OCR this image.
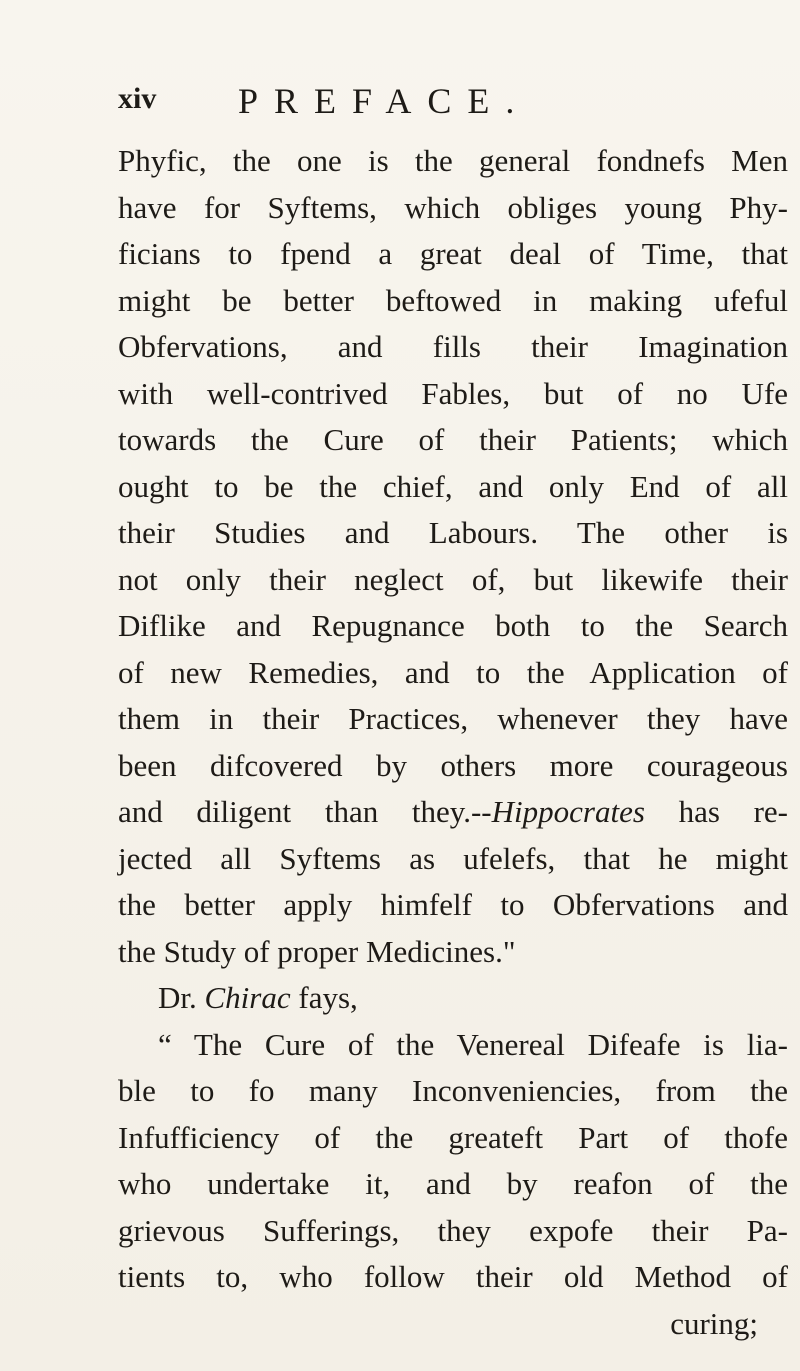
xiv PREFACE.
Phyfic, the one is the general fondnefs Men
have for Syftems, which obliges young Phy-
ficians to fpend a great deal of Time, that
might be better beftowed in making ufeful
Obfervations, and fills their Imagination
with well-contrived Fables, but of no Ufe
towards the Cure of their Patients; which
ought to be the chief, and only End of all
their Studies and Labours. The other is
not only their neglect of, but likewife their
Diflike and Repugnance both to the Search
of new Remedies, and to the Application of
them in their Practices, whenever they have
been difcovered by others more courageous
and diligent than they.--Hippocrates has re-
jected all Syftems as ufelefs, that he might
the better apply himfelf to Obfervations and
the Study of proper Medicines."
Dr. Chirac fays,
“ The Cure of the Venereal Difeafe is lia-
ble to fo many Inconveniencies, from the
Infufficiency of the greateft Part of thofe
who undertake it, and by reafon of the
grievous Sufferings, they expofe their Pa-
tients to, who follow their old Method of
curing;
